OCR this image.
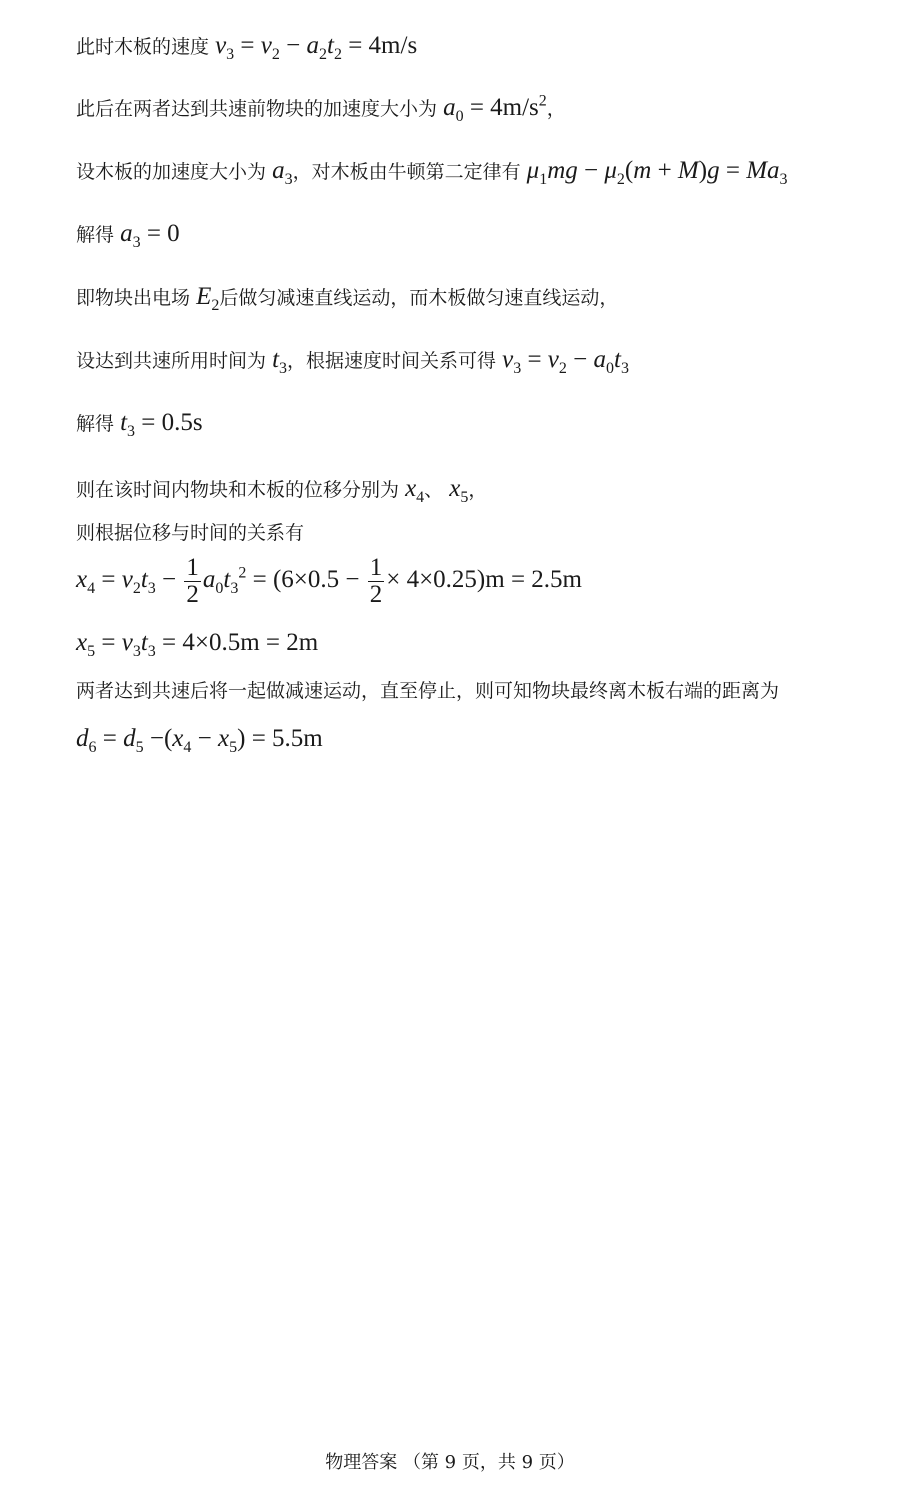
此时木板的速度 $v_3 = v_2 - a_2t_2 = 4m/s$
此后在两者达到共速前物块的加速度大小为 $a_0 = 4m/s^2$，
设木板的加速度大小为 $a_3$，对木板由牛顿第二定律有 $\mu_1mg - \mu_2(m + M)g = Ma_3$
解得 $a_3 = 0$
即物块出电场 $E_2$后做匀减速直线运动，而木板做匀速直线运动，
设达到共速所用时间为 $t_3$，根据速度时间关系可得 $v_3 = v_2 - a_0t_3$
解得 $t_3 = 0.5s$
则在该时间内物块和木板的位移分别为 $x_4$、 $x_5$，
则根据位移与时间的关系有
$x_4 = v_2t_3 - \frac{1}{2} a_0t_3^2 = (6\times 0.5 - \frac{1}{2} \times 4\times 0.25)m = 2.5m$
$x_5 = v_3t_3 = 4\times 0.5m = 2m$
两者达到共速后将一起做减速运动，直至停止，则可知物块最终离木板右端的距离为
$d_6 = d_5 -(x_4 - x_5) = 5.5m$
物理答案 （第 9 页，共 9 页）
